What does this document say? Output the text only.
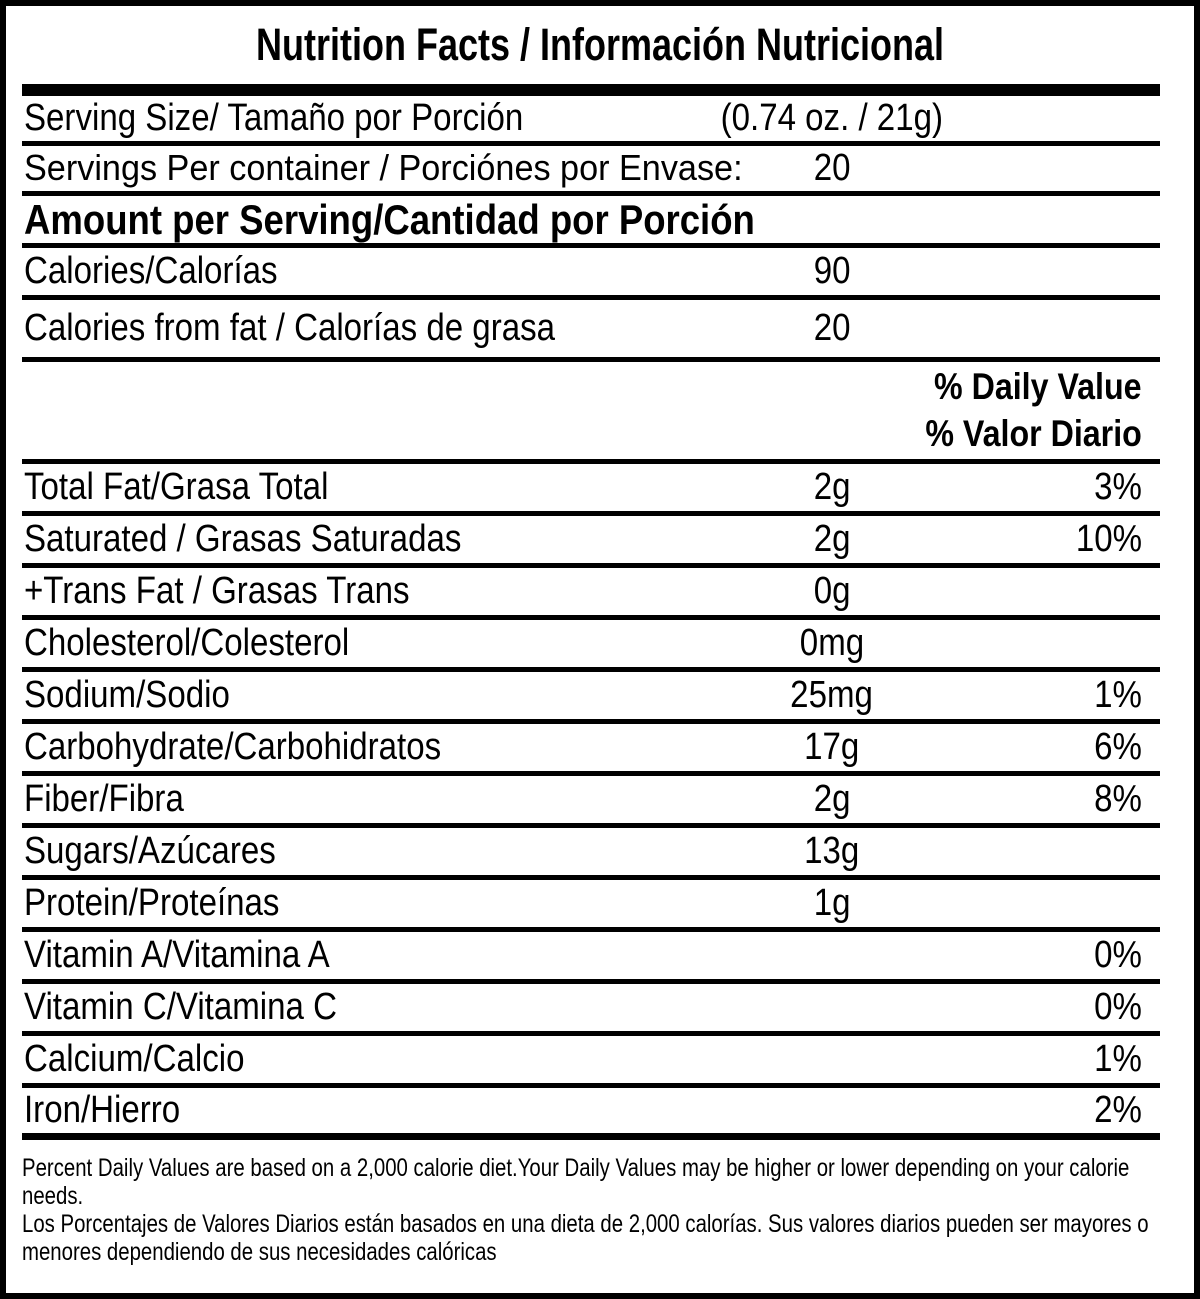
Nutrition Facts / Información Nutricional
Serving Size/ Tamaño por Porción	(0.74 oz. / 21g)
Servings Per container / Porciónes por Envase:	20
Amount per Serving/Cantidad por Porción
Calories/Calorías	90
Calories from fat / Calorías de grasa	20
% Daily Value
% Valor Diario
Total Fat/Grasa Total	2g	3%
Saturated / Grasas Saturadas	2g	10%
+Trans Fat / Grasas Trans	0g
Cholesterol/Colesterol	0mg
Sodium/Sodio	25mg	1%
Carbohydrate/Carbohidratos	17g	6%
Fiber/Fibra	2g	8%
Sugars/Azúcares	13g
Protein/Proteínas	1g
Vitamin A/Vitamina A	0%
Vitamin C/Vitamina C	0%
Calcium/Calcio	1%
Iron/Hierro	2%

Percent Daily Values are based on a 2,000 calorie diet.Your Daily Values may be higher or lower depending on your calorie needs.

Los Porcentajes de Valores Diarios están basados en una dieta de 2,000 calorías. Sus valores diarios pueden ser mayores o menores dependiendo de sus necesidades calóricas
